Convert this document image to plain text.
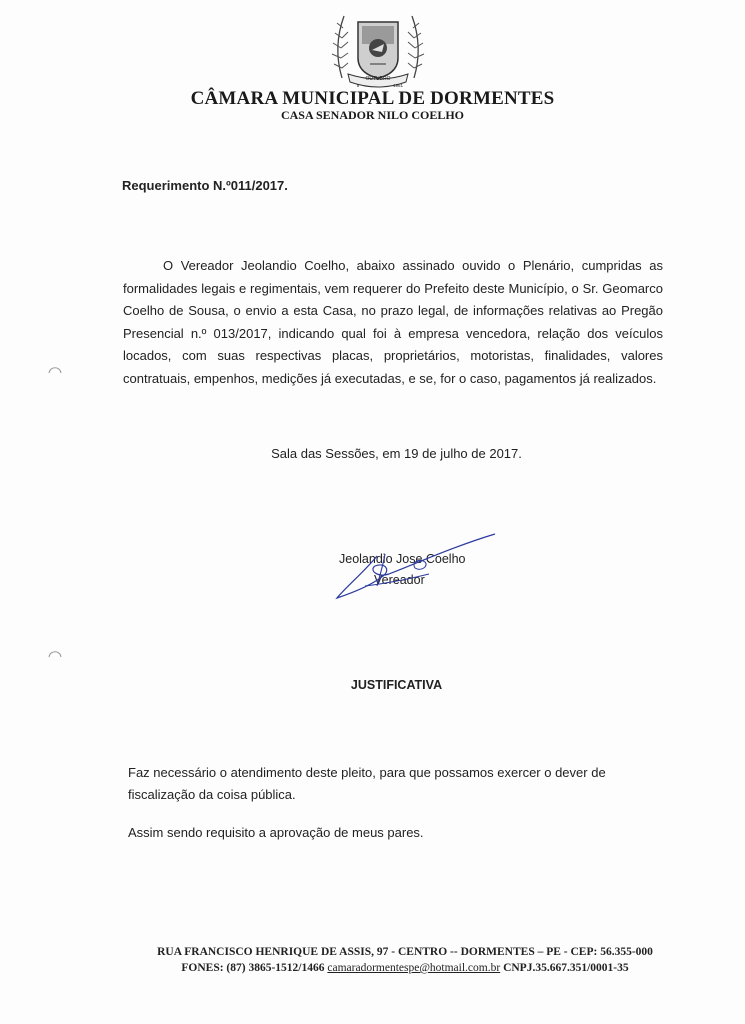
OUTUBRO
8	1961
CÂMARA MUNICIPAL DE DORMENTES
CASA SENADOR NILO COELHO
Requerimento N.º011/2017.
O Vereador Jeolandio Coelho, abaixo assinado ouvido o Plenário, cumpridas as formalidades legais e regimentais, vem requerer do Prefeito deste Município, o Sr. Geomarco Coelho de Sousa, o envio a esta Casa, no prazo legal, de informações relativas ao Pregão Presencial n.º 013/2017, indicando qual foi à empresa vencedora, relação dos veículos locados, com suas respectivas placas, proprietários, motoristas, finalidades, valores contratuais, empenhos, medições já executadas, e se, for o caso, pagamentos já realizados.
Sala das Sessões, em 19 de julho de 2017.
Jeolandio Jose Coelho
Vereador
JUSTIFICATIVA
Faz necessário o atendimento deste pleito, para que possamos exercer o dever de fiscalização da coisa pública.
Assim sendo requisito a aprovação de meus pares.
RUA FRANCISCO HENRIQUE DE ASSIS, 97 - CENTRO -- DORMENTES – PE - CEP: 56.355-000
FONES: (87) 3865-1512/1466 camaradormentespe@hotmail.com.br CNPJ.35.667.351/0001-35
